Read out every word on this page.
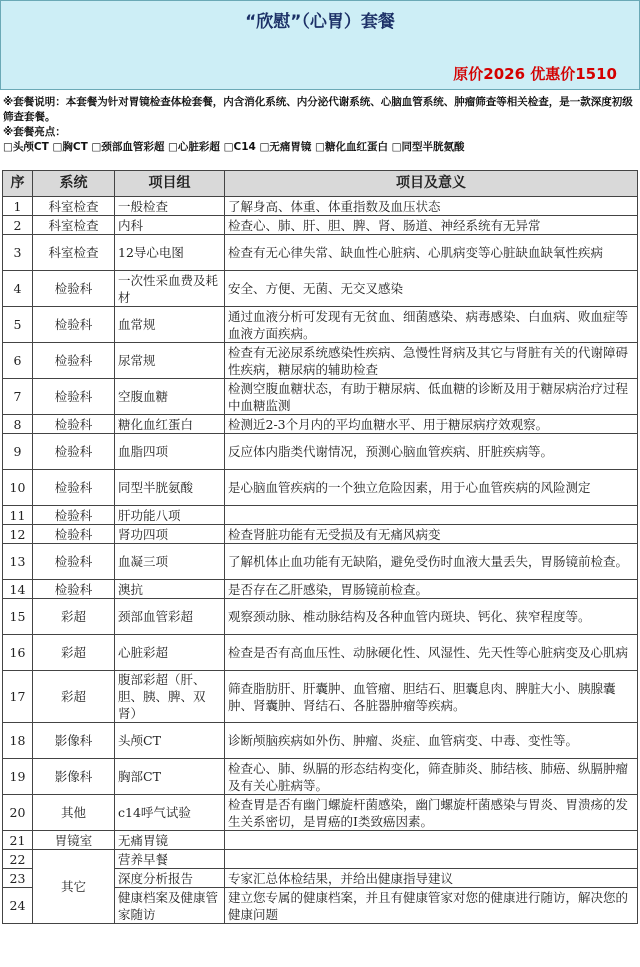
“欣慰”（心胃）套餐
原价2026 优惠价1510
※套餐说明：本套餐为针对胃镜检查体检套餐，内含消化系统、内分泌代谢系统、心脑血管系统、肿瘤筛查等相关检查，是一款深度初级筛查套餐。
※套餐亮点：
□头颅CT □胸CT □颈部血管彩超 □心脏彩超 □C14 □无痛胃镜 □糖化血红蛋白 □同型半胱氨酸
序	系统	项目组	项目及意义
1	科室检查	一般检查	了解身高、体重、体重指数及血压状态
2	科室检查	内科	检查心、肺、肝、胆、脾、肾、肠道、神经系统有无异常
3	科室检查	12导心电图	检查有无心律失常、缺血性心脏病、心肌病变等心脏缺血缺氧性疾病
4	检验科	一次性采血费及耗材	安全、方便、无菌、无交叉感染
5	检验科	血常规	通过血液分析可发现有无贫血、细菌感染、病毒感染、白血病、败血症等血液方面疾病。
6	检验科	尿常规	检查有无泌尿系统感染性疾病、急慢性肾病及其它与肾脏有关的代谢障碍性疾病，糖尿病的辅助检查
7	检验科	空腹血糖	检测空腹血糖状态，有助于糖尿病、低血糖的诊断及用于糖尿病治疗过程中血糖监测
8	检验科	糖化血红蛋白	检测近2-3个月内的平均血糖水平、用于糖尿病疗效观察。
9	检验科	血脂四项	反应体内脂类代谢情况，预测心脑血管疾病、肝脏疾病等。
10	检验科	同型半胱氨酸	是心脑血管疾病的一个独立危险因素，用于心血管疾病的风险测定
11	检验科	肝功能八项	
12	检验科	肾功四项	检查肾脏功能有无受损及有无痛风病变
13	检验科	血凝三项	了解机体止血功能有无缺陷，避免受伤时血液大量丢失，胃肠镜前检查。
14	检验科	澳抗	是否存在乙肝感染，胃肠镜前检查。
15	彩超	颈部血管彩超	观察颈动脉、椎动脉结构及各种血管内斑块、钙化、狭窄程度等。
16	彩超	心脏彩超	检查是否有高血压性、动脉硬化性、风湿性、先天性等心脏病变及心肌病
17	彩超	腹部彩超（肝、胆、胰、脾、双肾）	筛查脂肪肝、肝囊肿、血管瘤、胆结石、胆囊息肉、脾脏大小、胰腺囊肿、肾囊肿、肾结石、各脏器肿瘤等疾病。
18	影像科	头颅CT	诊断颅脑疾病如外伤、肿瘤、炎症、血管病变、中毒、变性等。
19	影像科	胸部CT	检查心、肺、纵膈的形态结构变化，筛查肺炎、肺结核、肺癌、纵膈肿瘤及有关心脏病等。
20	其他	c14呼气试验	检查胃是否有幽门螺旋杆菌感染，幽门螺旋杆菌感染与胃炎、胃溃疡的发生关系密切，是胃癌的I类致癌因素。
21	胃镜室	无痛胃镜	
22	其它	营养早餐	
23		深度分析报告	专家汇总体检结果，并给出健康指导建议
24		健康档案及健康管家随访	建立您专属的健康档案，并且有健康管家对您的健康进行随访，解决您的健康问题
